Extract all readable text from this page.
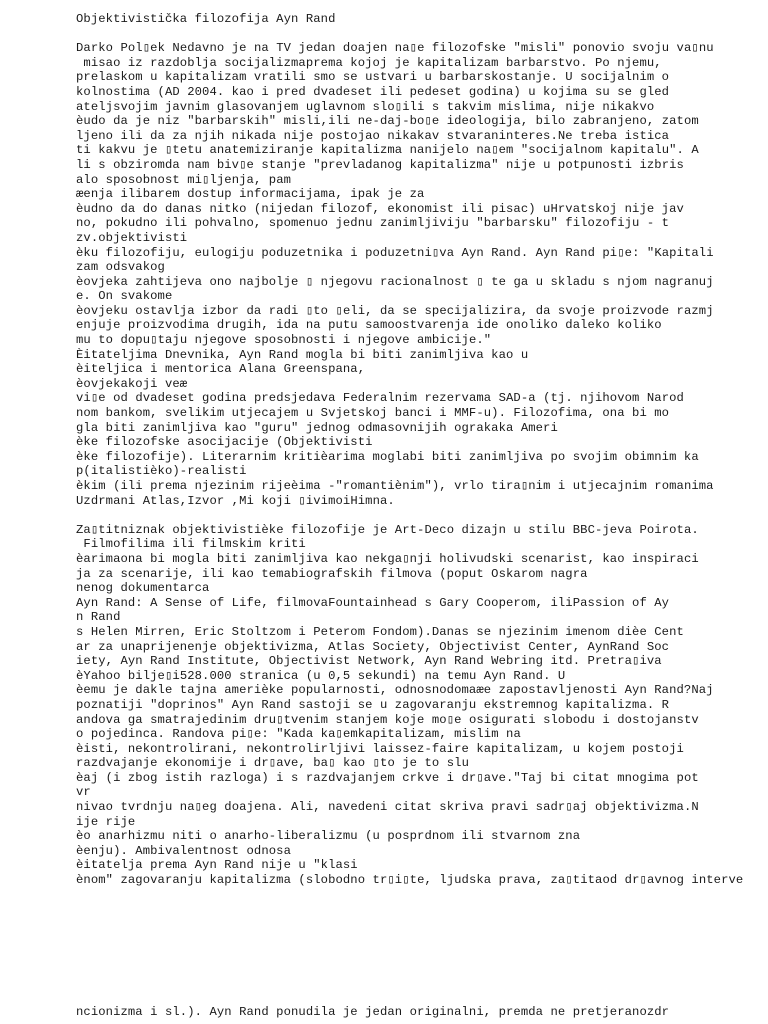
Objektivistička filozofija Ayn Rand
Darko Pol▯ek Nedavno je na TV jedan doajen na▯e filozofske "misli" ponovio svoju va▯nu
misao iz razdoblja socijalizmaprema kojoj je kapitalizam barbarstvo. Po njemu,
prelaskom u kapitalizam vratili smo se ustvari u barbarskostanje. U socijalnim o
kolnostima (AD 2004. kao i pred dvadeset ili pedeset godina) u kojima su se gled
ateljsvojim javnim glasovanjem uglavnom slo▯ili s takvim mislima, nije nikakvo
èudo da je niz "barbarskih" misli,ili ne-daj-bo▯e ideologija, bilo zabranjeno, zatom
ljeno ili da za njih nikada nije postojao nikakav stvaraninteres.Ne treba istica
ti kakvu je ▯tetu anatemiziranje kapitalizma nanijelo na▯em "socijalnom kapitalu". A
li s obziromda nam biv▯e stanje "prevladanog kapitalizma" nije u potpunosti izbris
alo sposobnost mi▯ljenja, pam
æenja ilibarem dostup informacijama, ipak je za
èudno da do danas nitko (nijedan filozof, ekonomist ili pisac) uHrvatskoj nije jav
no, pokudno ili pohvalno, spomenuo jednu zanimljiviju "barbarsku" filozofiju - t
zv.objektivisti
èku filozofiju, eulogiju poduzetnika i poduzetni▯va Ayn Rand. Ayn Rand pi▯e: "Kapitali
zam odsvakog
èovjeka zahtijeva ono najbolje ▯ njegovu racionalnost ▯ te ga u skladu s njom nagranuj
e. On svakome
èovjeku ostavlja izbor da radi ▯to ▯eli, da se specijalizira, da svoje proizvode razmj
enjuje proizvodima drugih, ida na putu samoostvarenja ide onoliko daleko koliko
mu to dopu▯taju njegove sposobnosti i njegove ambicije."
Èitateljima Dnevnika, Ayn Rand mogla bi biti zanimljiva kao u
èiteljica i mentorica Alana Greenspana,
èovjekakoji veæ
vi▯e od dvadeset godina predsjedava Federalnim rezervama SAD-a (tj. njihovom Narod
nom bankom, svelikim utjecajem u Svjetskoj banci i MMF-u). Filozofima, ona bi mo
gla biti zanimljiva kao "guru" jednog odmasovnijih ograkaka Ameri
èke filozofske asocijacije (Objektivisti
èke filozofije). Literarnim kritièarima moglabi biti zanimljiva po svojim obimnim ka
p(italistièko)-realisti
èkim (ili prema njezinim rijeèima -"romantiènim"), vrlo tira▯nim i utjecajnim romanima
Uzdrmani Atlas,Izvor ,Mi koji ▯ivimoiHimna.
Za▯titniznak objektivistièke filozofije je Art-Deco dizajn u stilu BBC-jeva Poirota.
Filmofilima ili filmskim kriti
èarimaona bi mogla biti zanimljiva kao nekga▯nji holivudski scenarist, kao inspiraci
ja za scenarije, ili kao temabiografskih filmova (poput Oskarom nagra
nenog dokumentarca
Ayn Rand: A Sense of Life, filmovaFountainhead s Gary Cooperom, iliPassion of Ay
n Rand
s Helen Mirren, Eric Stoltzom i Peterom Fondom).Danas se njezinim imenom dièe Cent
ar za unaprijenenje objektivizma, Atlas Society, Objectivist Center, AynRand Soc
iety, Ayn Rand Institute, Objectivist Network, Ayn Rand Webring itd. Pretra▯iva
èYahoo bilje▯i528.000 stranica (u 0,5 sekundi) na temu Ayn Rand. U
èemu je dakle tajna amerièke popularnosti, odnosnodomaæe zapostavljenosti Ayn Rand?Naj
poznatiji "doprinos" Ayn Rand sastoji se u zagovaranju ekstremnog kapitalizma. R
andova ga smatrajedinim dru▯tvenim stanjem koje mo▯e osigurati slobodu i dostojanstv
o pojedinca. Randova pi▯e: "Kada ka▯emkapitalizam, mislim na
èisti, nekontrolirani, nekontrolirljivi laissez-faire kapitalizam, u kojem postoji
razdvajanje ekonomije i dr▯ave, ba▯ kao ▯to je to slu
èaj (i zbog istih razloga) i s razdvajanjem crkve i dr▯ave."Taj bi citat mnogima pot
vr
nivao tvrdnju na▯eg doajena. Ali, navedeni citat skriva pravi sadr▯aj objektivizma.N
ije rije
èo anarhizmu niti o anarho-liberalizmu (u posprdnom ili stvarnom zna
èenju). Ambivalentnost odnosa
èitatelja prema Ayn Rand nije u "klasi
ènom" zagovaranju kapitalizma (slobodno tr▯i▯te, ljudska prava, za▯titaod dr▯avnog interve
ncionizma i sl.). Ayn Rand ponudila je jedan originalni, premda ne pretjeranozdr
